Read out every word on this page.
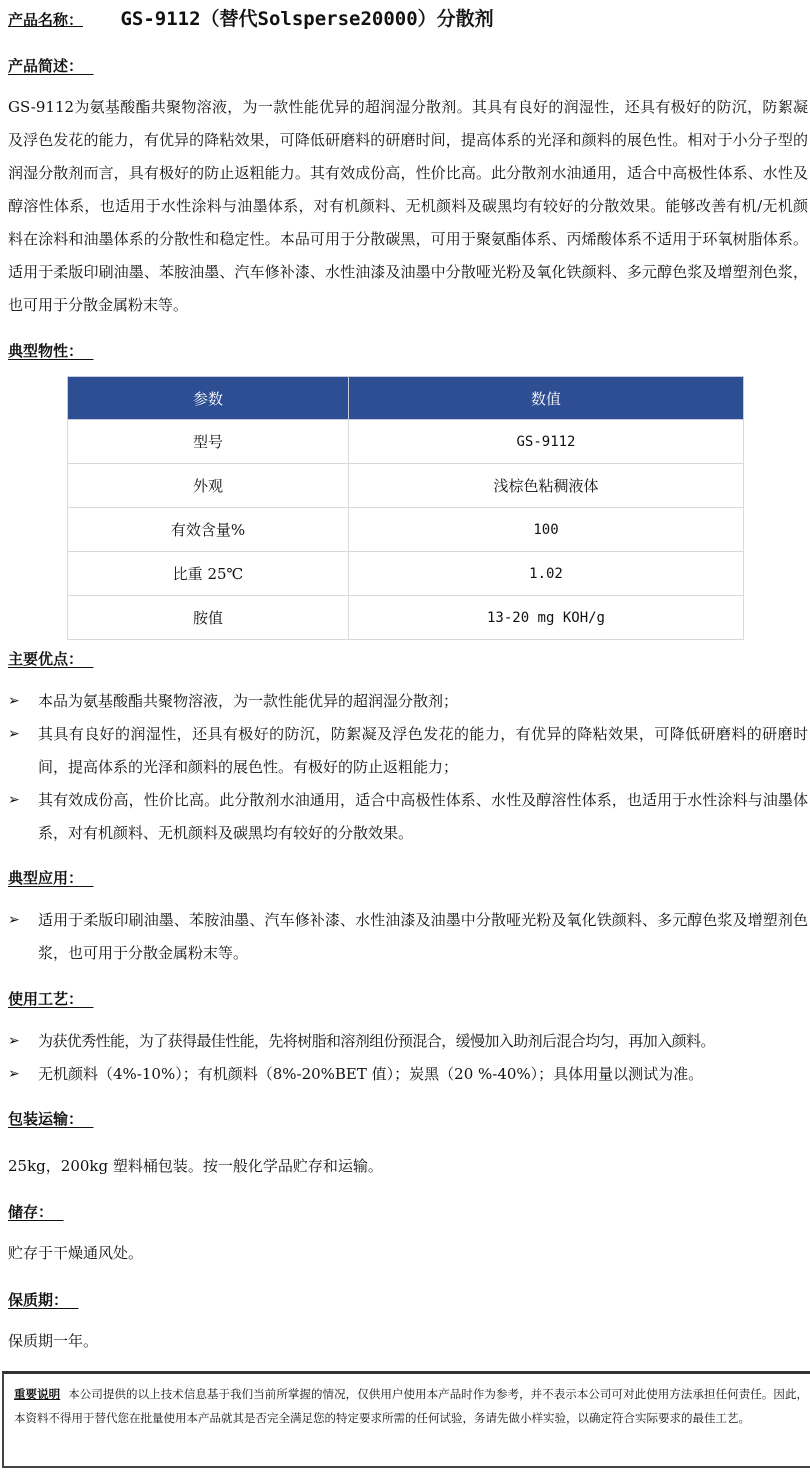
产品名称： GS-9112（替代Solsperse20000）分散剂
产品简述：
GS-9112为氨基酸酯共聚物溶液，为一款性能优异的超润湿分散剂。其具有良好的润湿性，还具有极好的防沉，防絮凝及浮色发花的能力，有优异的降粘效果，可降低研磨料的研磨时间，提高体系的光泽和颜料的展色性。相对于小分子型的润湿分散剂而言，具有极好的防止返粗能力。其有效成份高，性价比高。此分散剂水油通用，适合中高极性体系、水性及醇溶性体系，也适用于水性涂料与油墨体系，对有机颜料、无机颜料及碳黑均有较好的分散效果。能够改善有机/无机颜料在涂料和油墨体系的分散性和稳定性。本品可用于分散碳黑，可用于聚氨酯体系、丙烯酸体系不适用于环氧树脂体系。适用于柔版印刷油墨、苯胺油墨、汽车修补漆、水性油漆及油墨中分散哑光粉及氧化铁颜料、多元醇色浆及增塑剂色浆，也可用于分散金属粉末等。
典型物性：
参数	数值
型号	GS-9112
外观	浅棕色粘稠液体
有效含量%	100
比重 25℃	1.02
胺值	13-20 mg KOH/g
主要优点：
➢ 本品为氨基酸酯共聚物溶液，为一款性能优异的超润湿分散剂；
➢ 其具有良好的润湿性，还具有极好的防沉，防絮凝及浮色发花的能力，有优异的降粘效果，可降低研磨料的研磨时间，提高体系的光泽和颜料的展色性。有极好的防止返粗能力；
➢ 其有效成份高，性价比高。此分散剂水油通用，适合中高极性体系、水性及醇溶性体系，也适用于水性涂料与油墨体系，对有机颜料、无机颜料及碳黑均有较好的分散效果。
典型应用：
➢ 适用于柔版印刷油墨、苯胺油墨、汽车修补漆、水性油漆及油墨中分散哑光粉及氧化铁颜料、多元醇色浆及增塑剂色浆，也可用于分散金属粉末等。
使用工艺：
➢ 为获优秀性能，为了获得最佳性能，先将树脂和溶剂组份预混合，缓慢加入助剂后混合均匀，再加入颜料。
➢ 无机颜料（4%-10%）；有机颜料（8%-20%BET 值）；炭黑（20 %-40%）；具体用量以测试为准。
包装运输：
25kg，200kg 塑料桶包装。按一般化学品贮存和运输。
储存：
贮存于干燥通风处。
保质期：
保质期一年。
重要说明 本公司提供的以上技术信息基于我们当前所掌握的情况，仅供用户使用本产品时作为参考，并不表示本公司可对此使用方法承担任何责任。因此，本资料不得用于替代您在批量使用本产品就其是否完全满足您的特定要求所需的任何试验，务请先做小样实验，以确定符合实际要求的最佳工艺。
